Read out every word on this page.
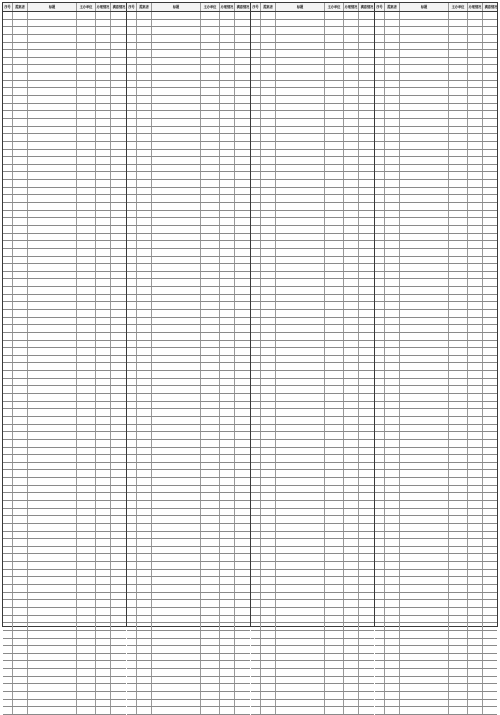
序号	提案者	标题	主办单位	办理情况	满意情况 序号	提案者	标题	主办单位	办理情况	满意情况 序号	提案者	标题	主办单位	办理情况	满意情况 序号	提案者	标题	主办单位	办理情况	满意情况
